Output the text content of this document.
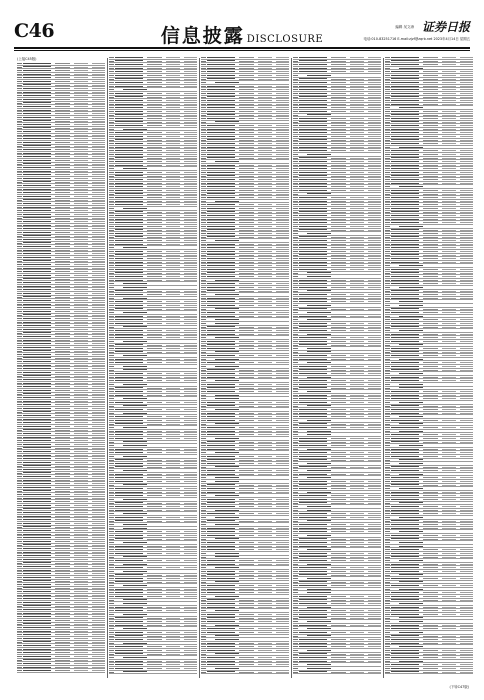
C46	信息披露 DISCLOSURE
编辑 吴文涛 证券日报
电话:010-83251716 E-mail:zjzf@zqrb.net 2023年4月14日 星期五
(上接C45版)
(下转C47版)
